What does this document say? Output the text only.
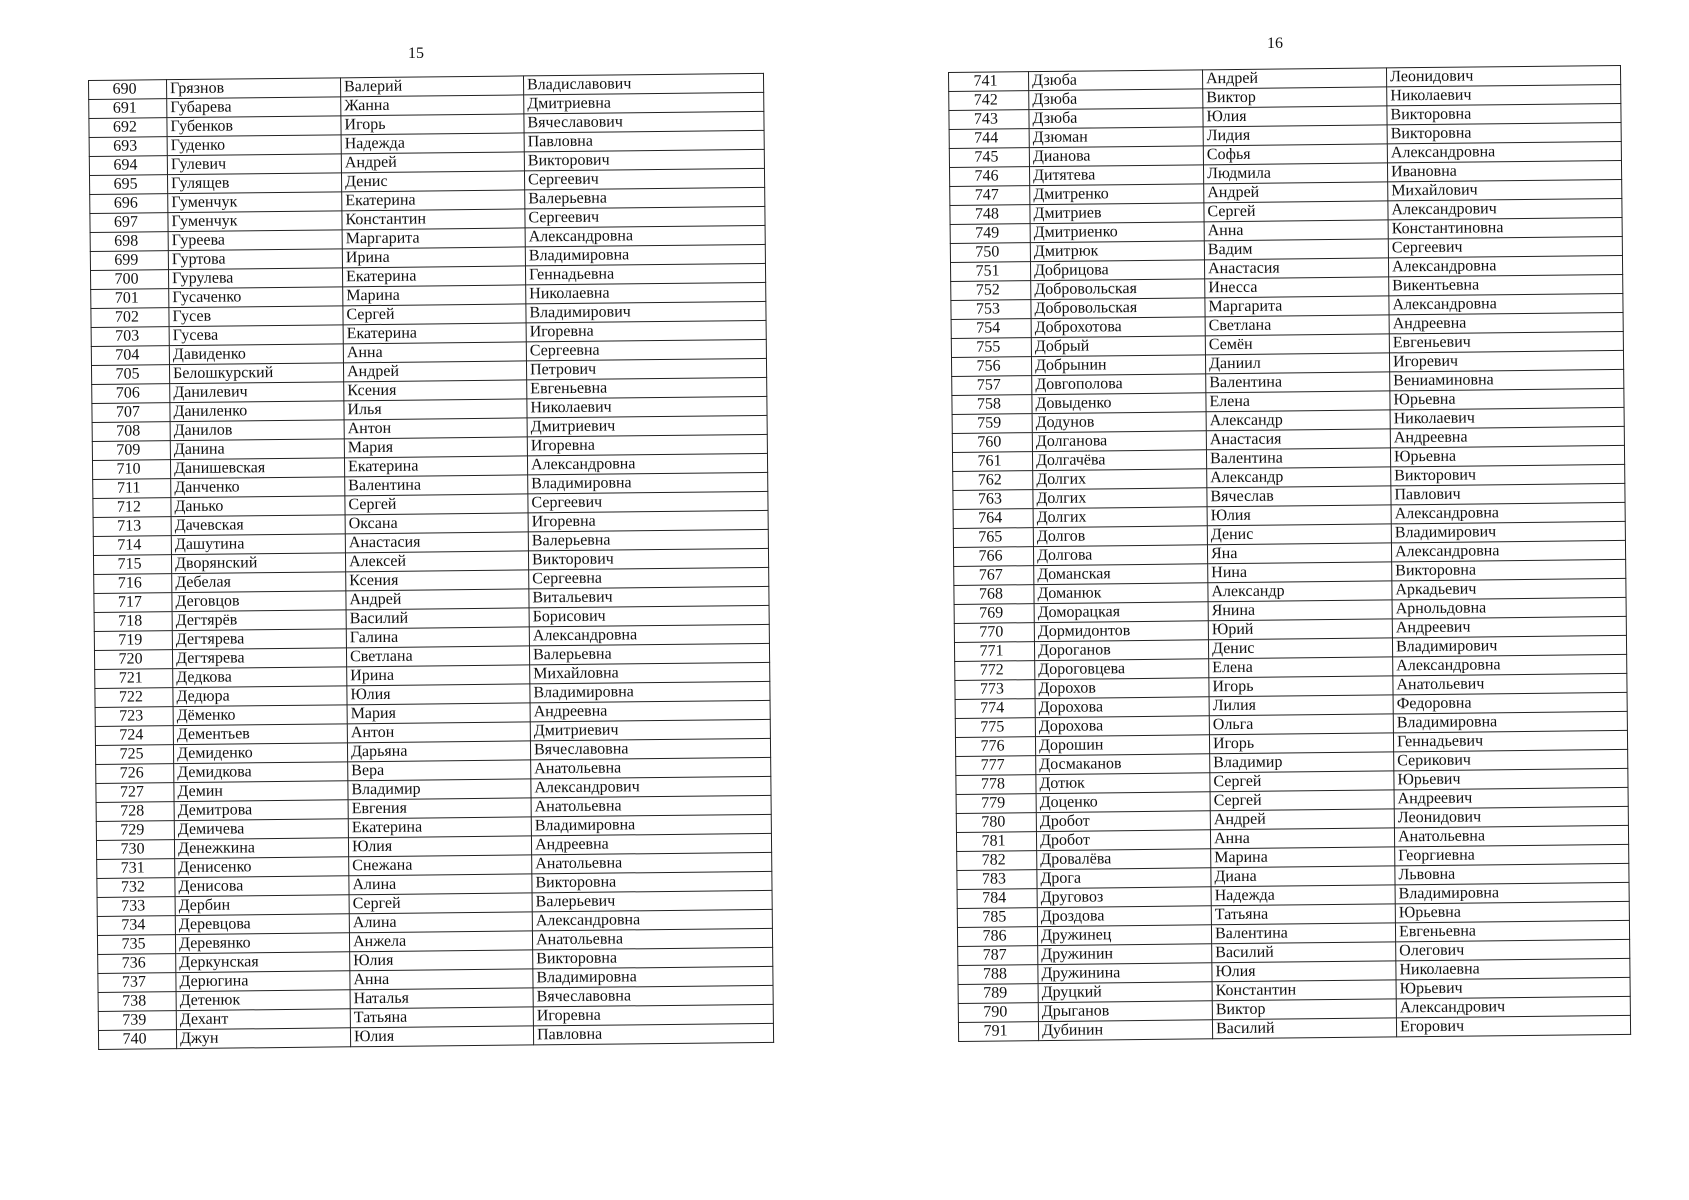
15
16
690	Грязнов	Валерий	Владиславович
691	Губарева	Жанна	Дмитриевна
692	Губенков	Игорь	Вячеславович
693	Гуденко	Надежда	Павловна
694	Гулевич	Андрей	Викторович
695	Гулящев	Денис	Сергеевич
696	Гуменчук	Екатерина	Валерьевна
697	Гуменчук	Константин	Сергеевич
698	Гуреева	Маргарита	Александровна
699	Гуртова	Ирина	Владимировна
700	Гурулева	Екатерина	Геннадьевна
701	Гусаченко	Марина	Николаевна
702	Гусев	Сергей	Владимирович
703	Гусева	Екатерина	Игоревна
704	Давиденко	Анна	Сергеевна
705	Белошкурский	Андрей	Петрович
706	Данилевич	Ксения	Евгеньевна
707	Даниленко	Илья	Николаевич
708	Данилов	Антон	Дмитриевич
709	Данина	Мария	Игоревна
710	Данишевская	Екатерина	Александровна
711	Данченко	Валентина	Владимировна
712	Данько	Сергей	Сергеевич
713	Дачевская	Оксана	Игоревна
714	Дашутина	Анастасия	Валерьевна
715	Дворянский	Алексей	Викторович
716	Дебелая	Ксения	Сергеевна
717	Деговцов	Андрей	Витальевич
718	Дегтярёв	Василий	Борисович
719	Дегтярева	Галина	Александровна
720	Дегтярева	Светлана	Валерьевна
721	Дедкова	Ирина	Михайловна
722	Дедюра	Юлия	Владимировна
723	Дёменко	Мария	Андреевна
724	Дементьев	Антон	Дмитриевич
725	Демиденко	Дарьяна	Вячеславовна
726	Демидкова	Вера	Анатольевна
727	Демин	Владимир	Александрович
728	Демитрова	Евгения	Анатольевна
729	Демичева	Екатерина	Владимировна
730	Денежкина	Юлия	Андреевна
731	Денисенко	Снежана	Анатольевна
732	Денисова	Алина	Викторовна
733	Дербин	Сергей	Валерьевич
734	Деревцова	Алина	Александровна
735	Деревянко	Анжела	Анатольевна
736	Деркунская	Юлия	Викторовна
737	Дерюгина	Анна	Владимировна
738	Детенюк	Наталья	Вячеславовна
739	Дехант	Татьяна	Игоревна
740	Джун	Юлия	Павловна
741	Дзюба	Андрей	Леонидович
742	Дзюба	Виктор	Николаевич
743	Дзюба	Юлия	Викторовна
744	Дзюман	Лидия	Викторовна
745	Дианова	Софья	Александровна
746	Дитятева	Людмила	Ивановна
747	Дмитренко	Андрей	Михайлович
748	Дмитриев	Сергей	Александрович
749	Дмитриенко	Анна	Константиновна
750	Дмитрюк	Вадим	Сергеевич
751	Добрицова	Анастасия	Александровна
752	Добровольская	Инесса	Викентьевна
753	Добровольская	Маргарита	Александровна
754	Доброхотова	Светлана	Андреевна
755	Добрый	Семён	Евгеньевич
756	Добрынин	Даниил	Игоревич
757	Довгополова	Валентина	Вениаминовна
758	Довыденко	Елена	Юрьевна
759	Додунов	Александр	Николаевич
760	Долганова	Анастасия	Андреевна
761	Долгачёва	Валентина	Юрьевна
762	Долгих	Александр	Викторович
763	Долгих	Вячеслав	Павлович
764	Долгих	Юлия	Александровна
765	Долгов	Денис	Владимирович
766	Долгова	Яна	Александровна
767	Доманская	Нина	Викторовна
768	Доманюк	Александр	Аркадьевич
769	Доморацкая	Янина	Арнольдовна
770	Дормидонтов	Юрий	Андреевич
771	Дороганов	Денис	Владимирович
772	Дороговцева	Елена	Александровна
773	Дорохов	Игорь	Анатольевич
774	Дорохова	Лилия	Федоровна
775	Дорохова	Ольга	Владимировна
776	Дорошин	Игорь	Геннадьевич
777	Досмаканов	Владимир	Серикович
778	Дотюк	Сергей	Юрьевич
779	Доценко	Сергей	Андреевич
780	Дробот	Андрей	Леонидович
781	Дробот	Анна	Анатольевна
782	Дровалёва	Марина	Георгиевна
783	Дрога	Диана	Львовна
784	Друговоз	Надежда	Владимировна
785	Дроздова	Татьяна	Юрьевна
786	Дружинец	Валентина	Евгеньевна
787	Дружинин	Василий	Олегович
788	Дружинина	Юлия	Николаевна
789	Друцкий	Константин	Юрьевич
790	Дрыганов	Виктор	Александрович
791	Дубинин	Василий	Егорович
